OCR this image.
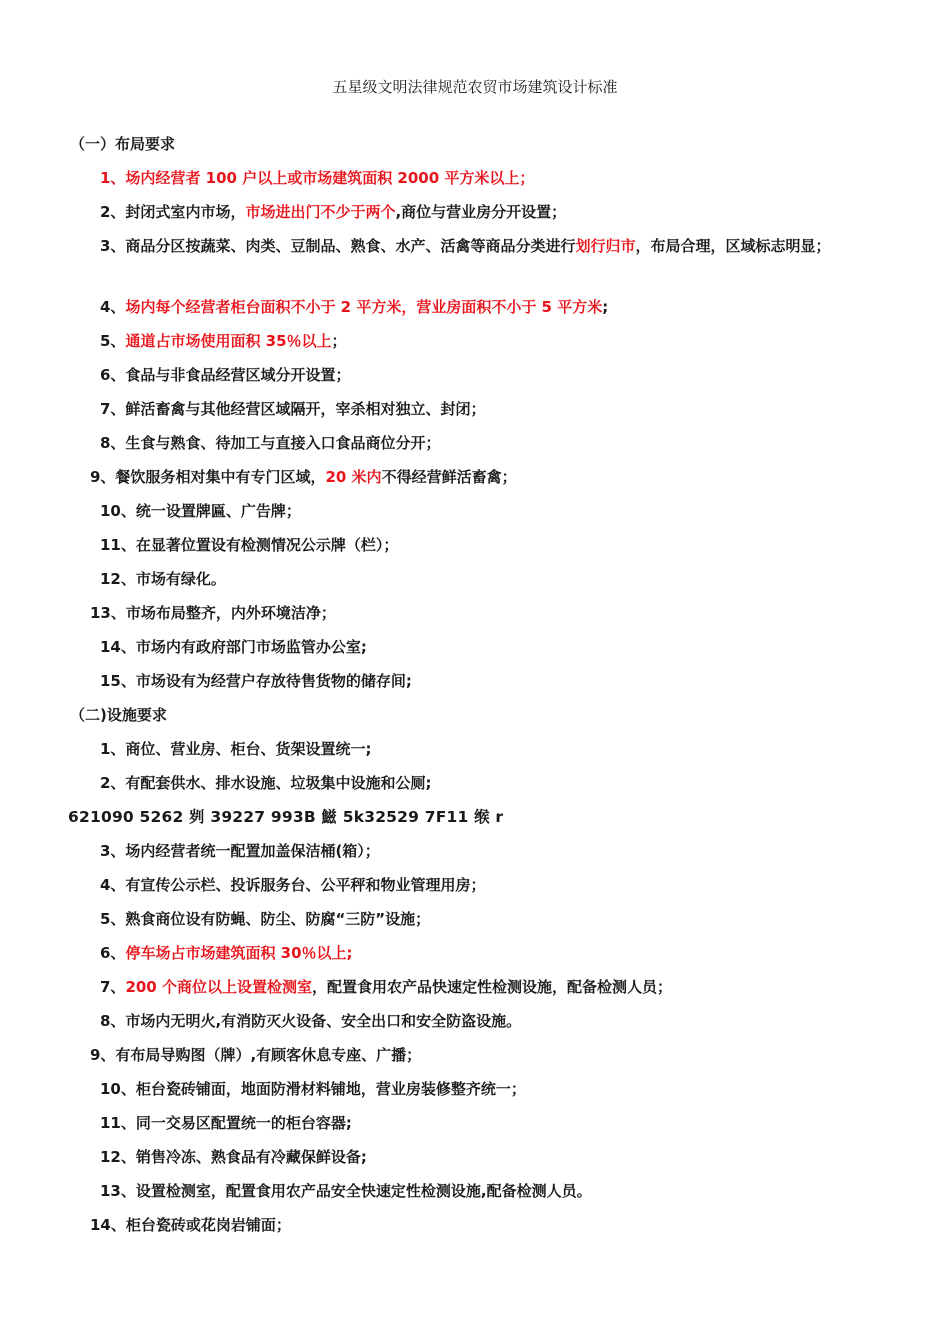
五星级文明法律规范农贸市场建筑设计标准
（一）布局要求
1、场内经营者 100 户以上或市场建筑面积 2000 平方米以上；
2、封闭式室内市场，市场进出门不少于两个,商位与营业房分开设置；
3、商品分区按蔬菜、肉类、豆制品、熟食、水产、活禽等商品分类进行划行归市，布局合理，区域标志明显；
4、场内每个经营者柜台面积不小于 2 平方米，营业房面积不小于 5 平方米;
5、通道占市场使用面积 35％以上；
6、食品与非食品经营区域分开设置；
7、鲜活畜禽与其他经营区域隔开，宰杀相对独立、封闭；
8、生食与熟食、待加工与直接入口食品商位分开；
9、餐饮服务相对集中有专门区域，20 米内不得经营鲜活畜禽；
10、统一设置牌匾、广告牌；
11、在显著位置设有检测情况公示牌（栏）；
12、市场有绿化。
13、市场布局整齐，内外环境洁净；
14、市场内有政府部门市场监管办公室;
15、市场设有为经营户存放待售货物的储存间;
（二)设施要求
1、商位、营业房、柜台、货架设置统一;
2、有配套供水、排水设施、垃圾集中设施和公厕;
621090 5262 刿 39227 993B 鰦 5k32529 7F11 缑 r
3、场内经营者统一配置加盖保洁桶(箱）；
4、有宣传公示栏、投诉服务台、公平秤和物业管理用房；
5、熟食商位设有防蝇、防尘、防腐“三防”设施；
6、停车场占市场建筑面积 30％以上;
7、200 个商位以上设置检测室，配置食用农产品快速定性检测设施，配备检测人员；
8、市场内无明火,有消防灭火设备、安全出口和安全防盗设施。
9、有布局导购图（牌）,有顾客休息专座、广播；
10、柜台瓷砖铺面，地面防滑材料铺地，营业房装修整齐统一；
11、同一交易区配置统一的柜台容器;
12、销售冷冻、熟食品有冷藏保鲜设备;
13、设置检测室，配置食用农产品安全快速定性检测设施,配备检测人员。
14、柜台瓷砖或花岗岩铺面；
